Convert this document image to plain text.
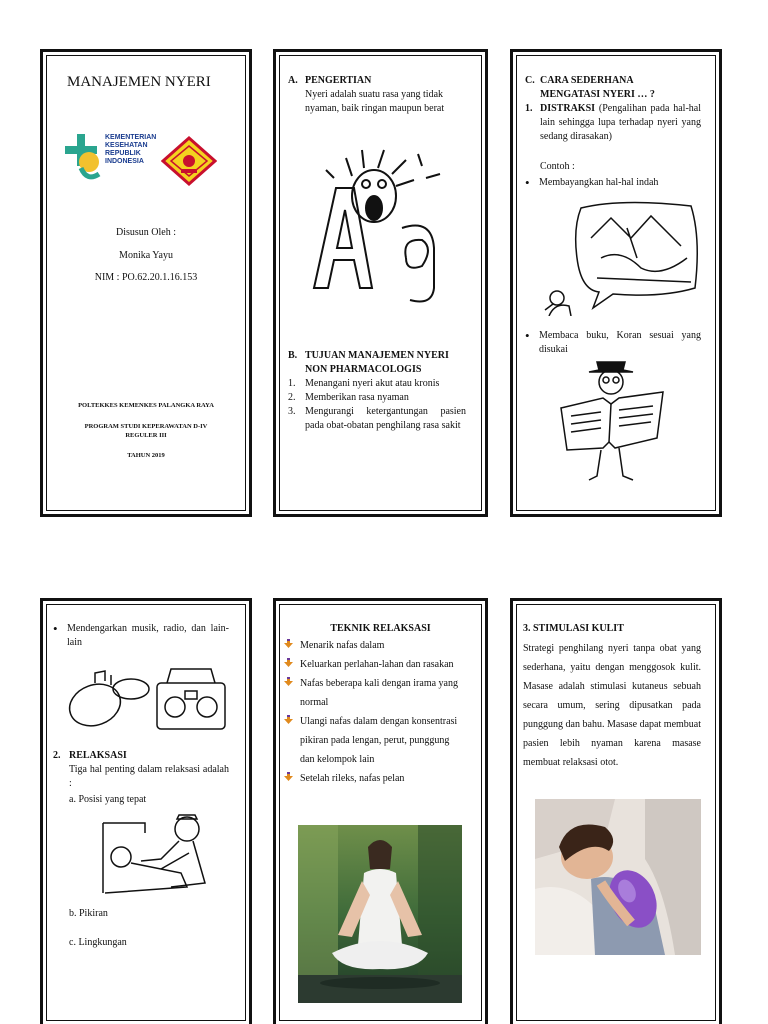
MANAJEMEN NYERI
KEMENTERIAN
KESEHATAN
REPUBLIK
INDONESIA
Disusun Oleh :
Monika Yayu
NIM : PO.62.20.1.16.153
POLTEKKES KEMENKES PALANGKA RAYA
PROGRAM STUDI KEPERAWATAN D-IV
REGULER III
TAHUN 2019
A. PENGERTIAN
Nyeri adalah suatu rasa yang tidak
nyaman, baik ringan maupun berat
B. TUJUAN MANAJEMEN NYERI
NON PHARMACOLOGIS
1. Menangani nyeri akut atau kronis
2. Memberikan rasa nyaman
3. Mengurangi ketergantungan pasien pada obat-obatan penghilang rasa sakit
C. CARA SEDERHANA
MENGATASI NYERI … ?
1. DISTRAKSI (Pengalihan pada hal-hal lain sehingga lupa terhadap nyeri yang sedang dirasakan)
Contoh :
• Membayangkan hal-hal indah
• Membaca buku, Koran sesuai yang disukai
• Mendengarkan musik, radio, dan lain-lain
2. RELAKSASI
Tiga hal penting dalam relaksasi adalah :
a. Posisi yang tepat
b. Pikiran
c. Lingkungan
TEKNIK RELAKSASI
Menarik nafas dalam
Keluarkan perlahan-lahan dan rasakan
Nafas beberapa kali dengan irama yang normal
Ulangi nafas dalam dengan konsentrasi pikiran pada lengan, perut, punggung dan kelompok lain
Setelah rileks, nafas pelan
3. STIMULASI KULIT
Strategi penghilang nyeri tanpa obat yang sederhana, yaitu dengan menggosok kulit. Masase adalah stimulasi kutaneus sebuah secara umum, sering dipusatkan pada punggung dan bahu. Masase dapat membuat pasien lebih nyaman karena masase membuat relaksasi otot.
